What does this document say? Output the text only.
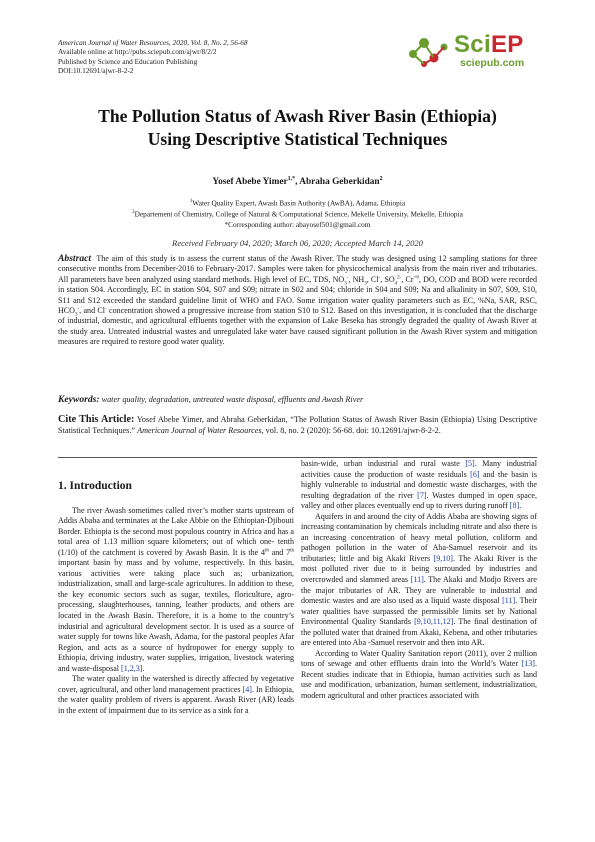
American Journal of Water Resources, 2020, Vol. 8, No. 2, 56-68
Available online at http://pubs.sciepub.com/ajwr/8/2/2
Published by Science and Education Publishing
DOI:10.12691/ajwr-8-2-2
SciEP
sciepub.com
The Pollution Status of Awash River Basin (Ethiopia)
Using Descriptive Statistical Techniques
Yosef Abebe Yimer$^{1,*}$, Abraha Geberkidan$^2$
$^1$Water Quality Expert, Awash Basin Authority (AwBA), Adama, Ethiopia
$^2$Departement of Chemistry, College of Natural & Computational Science, Mekelle University, Mekelle, Ethiopia
*Corresponding author: abayosef501@gmail.com
Received February 04, 2020; March 06, 2020; Accepted March 14, 2020
Abstract The aim of this study is to assess the current status of the Awash River. The study was designed using 12 sampling stations for three consecutive months from December-2016 to February-2017. Samples were taken for physicochemical analysis from the main river and tributaries. All parameters have been analyzed using standard methods. High level of EC, TDS, $NO_3^-$, $NH_3$, Cl-, $SO_4^{2-}$, $Cr^{+6}$, DO, COD and BOD were recorded in station S04. Accordingly, EC in station S04, S07 and S09; nitrate in S02 and S04; chloride in S04 and S09; Na and alkalinity in S07, S09, S10, S11 and S12 exceeded the standard guideline limit of WHO and FAO. Some irrigation water quality parameters such as EC, %Na, SAR, RSC, $HCO_3^-$, and Cl- concentration showed a progressive increase from station S10 to S12. Based on this investigation, it is concluded that the discharge of industrial, domestic, and agricultural effluents together with the expansion of Lake Beseka has strongly degraded the quality of Awash River at the study area. Untreated industrial wastes and unregulated lake water have caused significant pollution in the Awash River system and mitigation measures are required to restore good water quality.
Keywords: water quality, degradation, untreated waste disposal, effluents and Awash River
Cite This Article: Yosef Abebe Yimer, and Abraha Geberkidan, “The Pollution Status of Awash River Basin (Ethiopia) Using Descriptive Statistical Techniques.” American Journal of Water Resources, vol. 8, no. 2 (2020): 56-68. doi: 10.12691/ajwr-8-2-2.
1. Introduction

The river Awash sometimes called river’s mother starts upstream of Addis Ababa and terminates at the Lake Abbie on the Ethiopian-Djibouti Border. Ethiopia is the second most populous country in Africa and has a total area of 1.13 million square kilometers; out of which one- tenth (1/10) of the catchment is covered by Awash Basin. It is the 4th and 7th important basin by mass and by volume, respectively. In this basin, various activities were taking place such as; urbanization, industrialization, small and large-scale agricultures. In addition to these, the key economic sectors such as sugar, textiles, floriculture, agro-processing, slaughterhouses, tanning, leather products, and others are located in the Awash Basin. Therefore, it is a home to the country’s industrial and agricultural development sector. It is used as a source of water supply for towns like Awash, Adama, for the pastoral peoples Afar Region, and acts as a source of hydropower for energy supply to Ethiopia, driving industry, water supplies, irrigation, livestock watering and waste-disposal [1,2,3].

The water quality in the watershed is directly affected by vegetative cover, agricultural, and other land management practices [4]. In Ethiopia, the water quality problem of rivers is apparent. Awash River (AR) leads in the extent of impairment due to its service as a sink for a

basin-wide, urban industrial and rural waste [5]. Many industrial activities cause the production of waste residuals [6] and the basin is highly vulnerable to industrial and domestic waste discharges, with the resulting degradation of the river [7]. Wastes dumped in open space, valley and other places eventually end up to rivers during runoff [8].

Aquifers in and around the city of Addis Ababa are showing signs of increasing contamination by chemicals including nitrate and also there is an increasing concentration of heavy metal pollution, coliform and pathogen pollution in the water of Aba-Samuel reservoir and its tributaries; little and big Akaki Rivers [9,10]. The Akaki River is the most polluted river due to it being surrounded by industries and overcrowded and slammed areas [11]. The Akaki and Modjo Rivers are the major tributaries of AR. They are vulnerable to industrial and domestic wastes and are also used as a liquid waste disposal [11]. Their water qualities have surpassed the permissible limits set by National Environmental Quality Standards [9,10,11,12]. The final destination of the polluted water that drained from Akaki, Kebena, and other tributaries are entered into Aba -Samuel reservoir and then into AR.

According to Water Quality Sanitation report (2011), over 2 million tons of sewage and other effluents drain into the World’s Water [13]. Recent studies indicate that in Ethiopia, human activities such as land use and modification, urbanization, human settlement, industrialization, modern agricultural and other practices associated with
